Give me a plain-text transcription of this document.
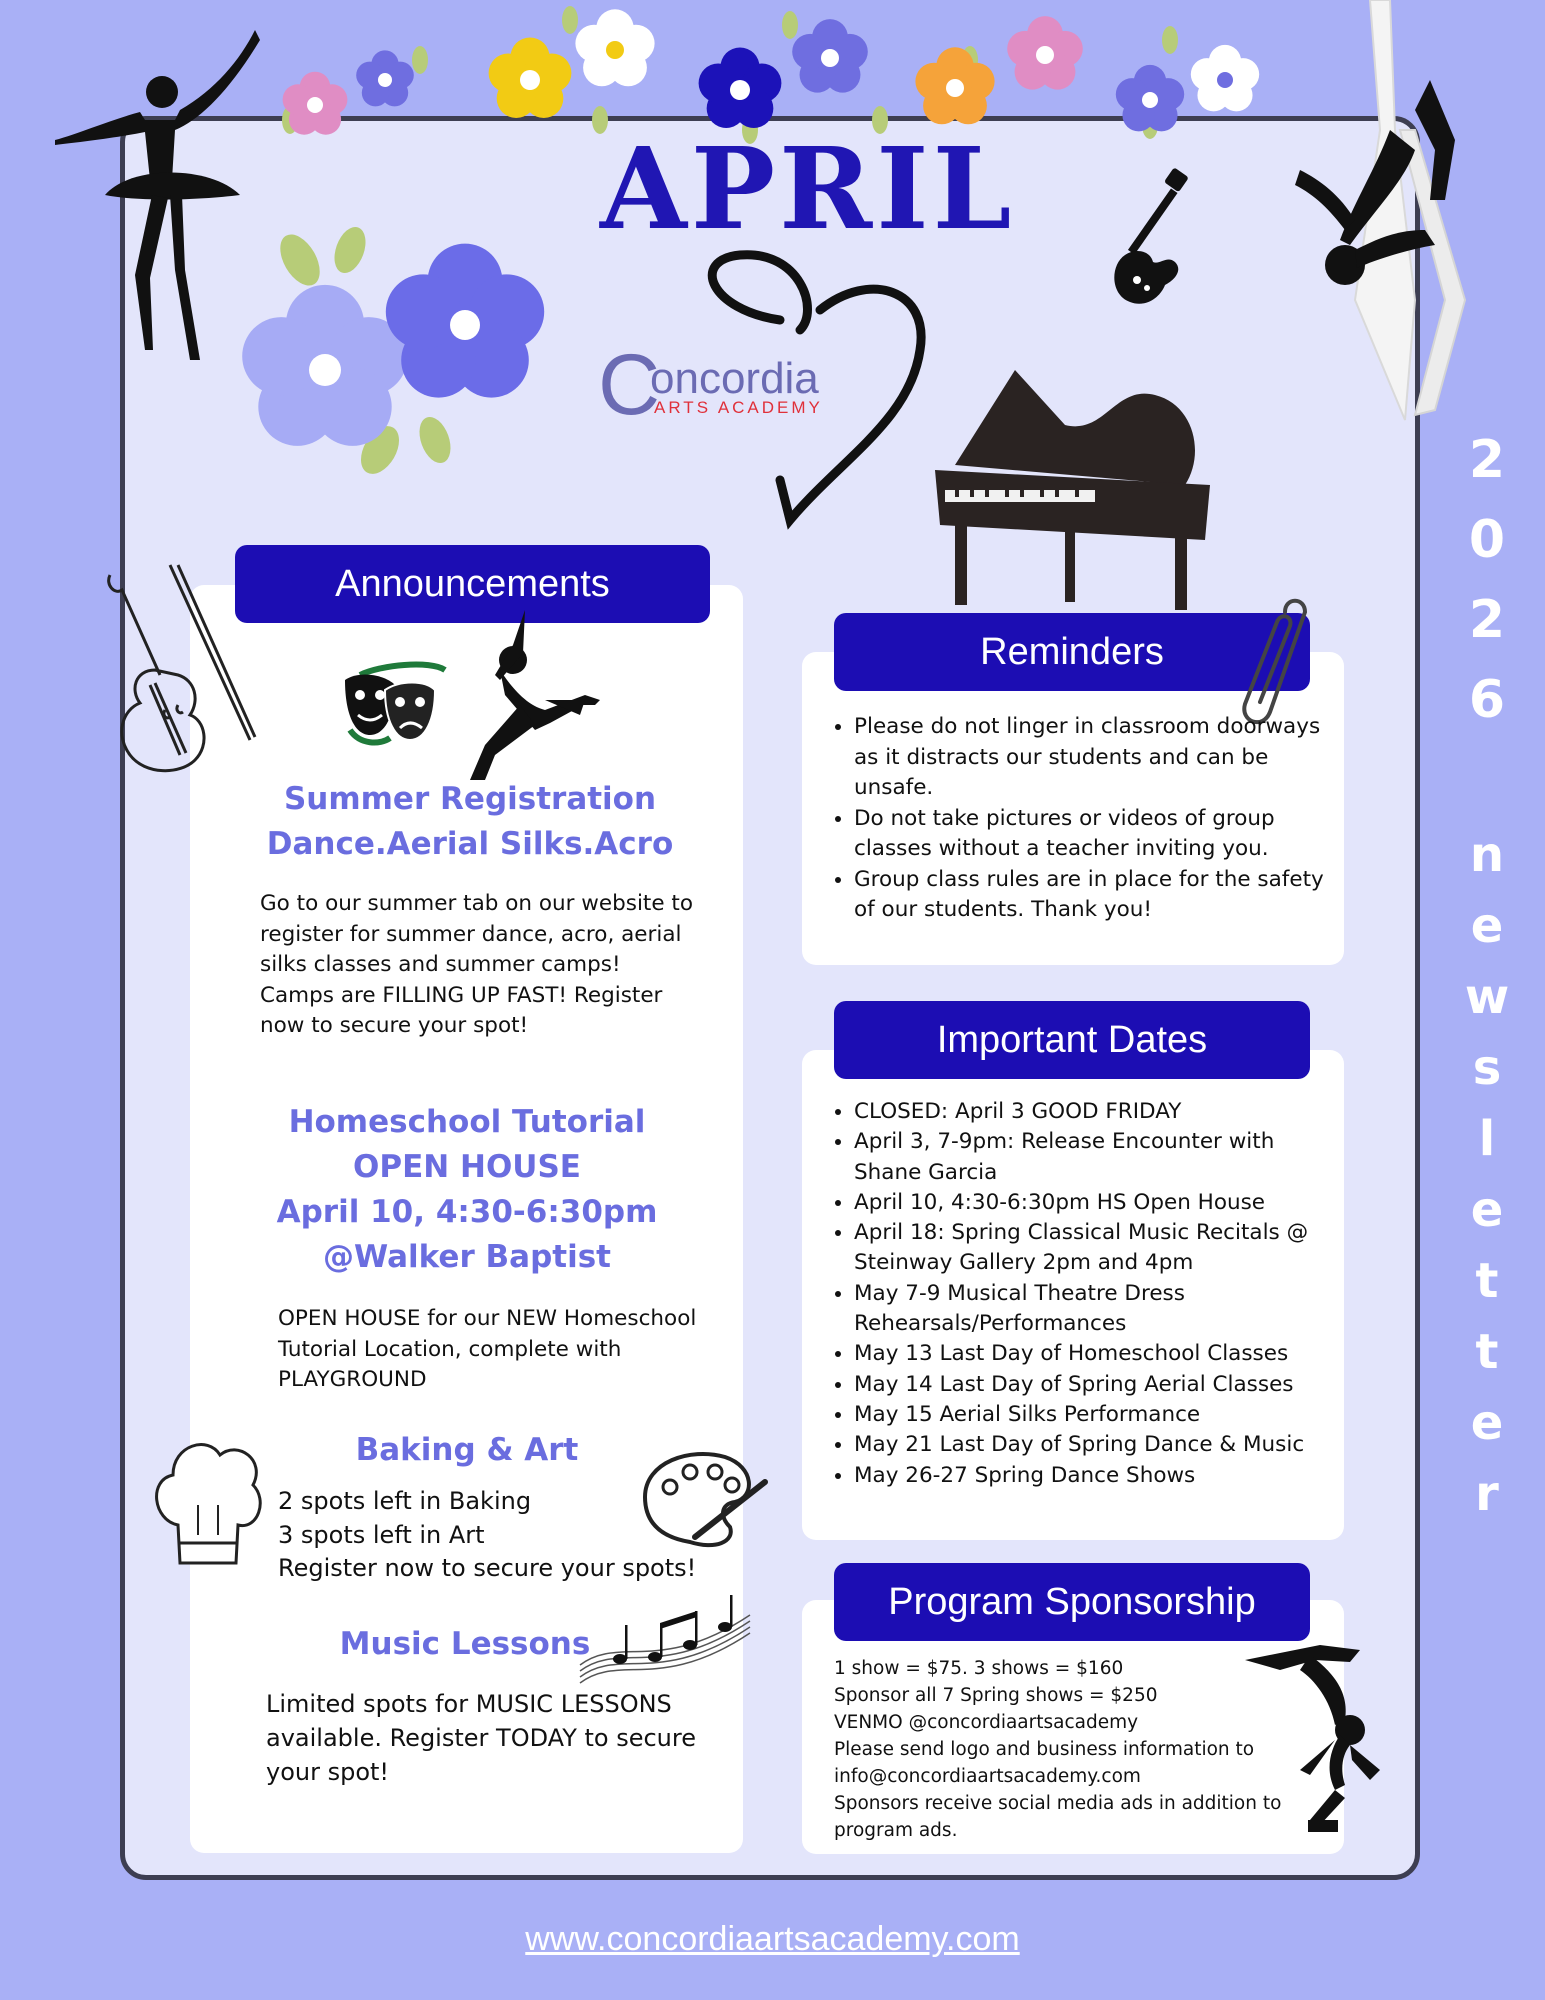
APRIL
C
oncordia
ARTS ACADEMY
2
0
2
6
n
e
w
s
l
e
t
t
e
r
Announcements
Summer Registration
Dance.Aerial Silks.Acro
Go to our summer tab on our website to register for summer dance, acro, aerial silks classes and summer camps! Camps are FILLING UP FAST! Register now to secure your spot!
Homeschool Tutorial
OPEN HOUSE
April 10, 4:30-6:30pm
@Walker Baptist
OPEN HOUSE for our NEW Homeschool Tutorial Location, complete with PLAYGROUND
Baking & Art
2 spots left in Baking
3 spots left in Art
Register now to secure your spots!
Music Lessons
Limited spots for MUSIC LESSONS available. Register TODAY to secure your spot!
Reminders
• Please do not linger in classroom doorways as it distracts our students and can be unsafe.
• Do not take pictures or videos of group classes without a teacher inviting you.
• Group class rules are in place for the safety of our students. Thank you!
Important Dates
• CLOSED: April 3 GOOD FRIDAY
• April 3, 7-9pm: Release Encounter with Shane Garcia
• April 10, 4:30-6:30pm HS Open House
• April 18: Spring Classical Music Recitals @ Steinway Gallery 2pm and 4pm
• May 7-9 Musical Theatre Dress Rehearsals/Performances
• May 13 Last Day of Homeschool Classes
• May 14 Last Day of Spring Aerial Classes
• May 15 Aerial Silks Performance
• May 21 Last Day of Spring Dance & Music
• May 26-27 Spring Dance Shows
Program Sponsorship
1 show = $75. 3 shows = $160
Sponsor all 7 Spring shows = $250
VENMO @concordiaartsacademy
Please send logo and business information to info@concordiaartsacademy.com
Sponsors receive social media ads in addition to program ads.
www.concordiaartsacademy.com
